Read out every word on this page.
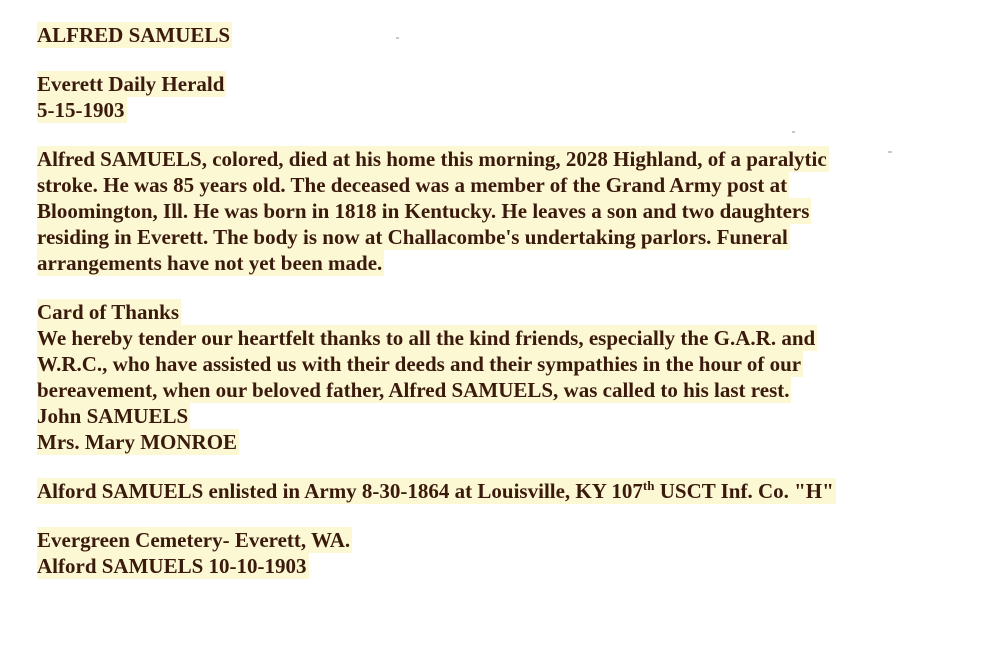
ALFRED SAMUELS
Everett Daily Herald
5-15-1903
Alfred SAMUELS, colored, died at his home this morning, 2028 Highland, of a paralytic
stroke. He was 85 years old. The deceased was a member of the Grand Army post at
Bloomington, Ill. He was born in 1818 in Kentucky. He leaves a son and two daughters
residing in Everett. The body is now at Challacombe's undertaking parlors. Funeral
arrangements have not yet been made.
Card of Thanks
We hereby tender our heartfelt thanks to all the kind friends, especially the G.A.R. and
W.R.C., who have assisted us with their deeds and their sympathies in the hour of our
bereavement, when our beloved father, Alfred SAMUELS, was called to his last rest.
John SAMUELS
Mrs. Mary MONROE
Alford SAMUELS enlisted in Army 8-30-1864 at Louisville, KY 107th USCT Inf. Co. "H"
Evergreen Cemetery- Everett, WA.
Alford SAMUELS 10-10-1903
